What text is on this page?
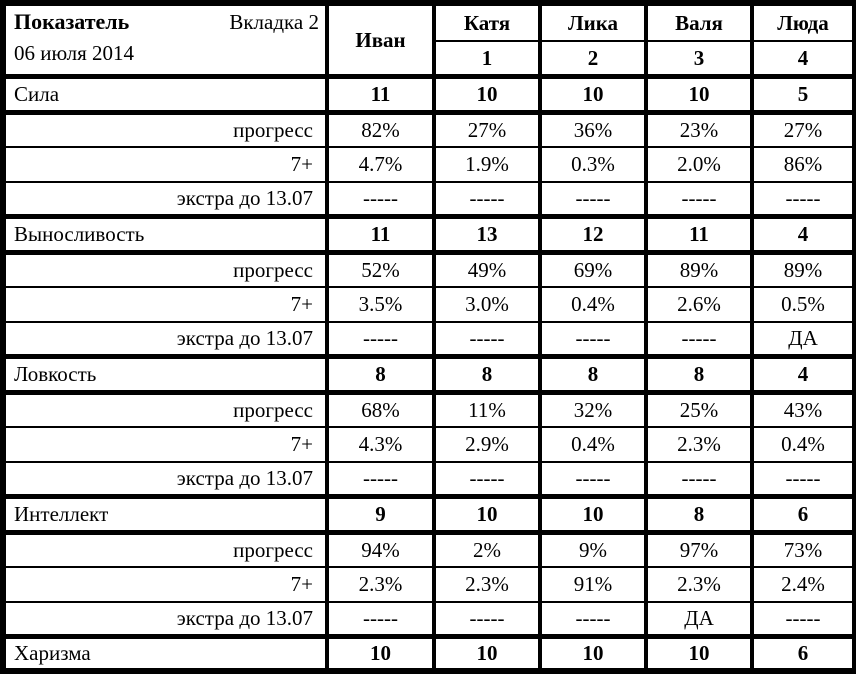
Показатель Вкладка 2
06 июля 2014	Иван	Катя	Лика	Валя	Люда
		1	2	3	4
Сила	11	10	10	10	5
прогресс	82%	27%	36%	23%	27%
7+	4.7%	1.9%	0.3%	2.0%	86%
экстра до 13.07	-----	-----	-----	-----	-----
Выносливость	11	13	12	11	4
прогресс	52%	49%	69%	89%	89%
7+	3.5%	3.0%	0.4%	2.6%	0.5%
экстра до 13.07	-----	-----	-----	-----	ДА
Ловкость	8	8	8	8	4
прогресс	68%	11%	32%	25%	43%
7+	4.3%	2.9%	0.4%	2.3%	0.4%
экстра до 13.07	-----	-----	-----	-----	-----
Интеллект	9	10	10	8	6
прогресс	94%	2%	9%	97%	73%
7+	2.3%	2.3%	91%	2.3%	2.4%
экстра до 13.07	-----	-----	-----	ДА	-----
Харизма	10	10	10	10	6
